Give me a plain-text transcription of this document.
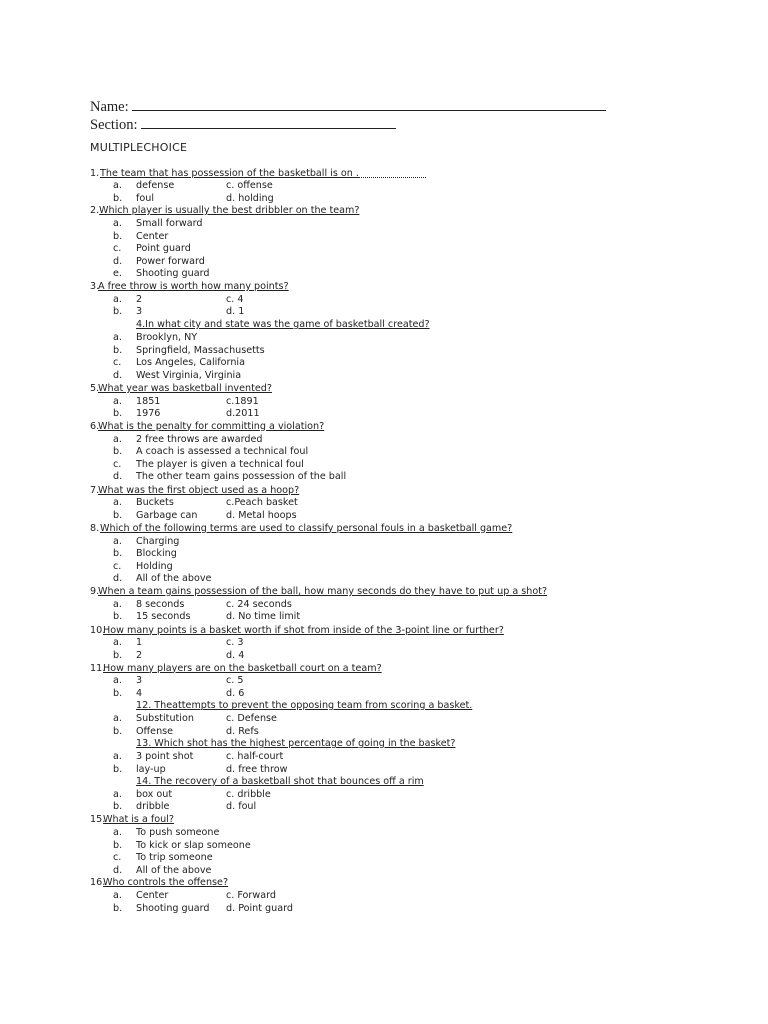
Name:
Section:
MULTIPLECHOICE
1. The team that has possession of the basketball is on .
a. defense	c. offense
b. foul	d. holding
2. Which player is usually the best dribbler on the team?
a. Small forward
b. Center
c. Point guard
d. Power forward
e. Shooting guard
3.
A free throw is worth how many points?
a. 2	c. 4
b. 3	d. 1
4.In what city and state was the game of basketball created?
a. Brooklyn, NY
b. Springfield, Massachusetts
c. Los Angeles, California
d. West Virginia, Virginia
5.
What year was basketball invented?
a. 1851	c.1891
b. 1976	d.2011
6.
What is the penalty for committing a violation?
a. 2 free throws are awarded
b. A coach is assessed a technical foul
c. The player is given a technical foul
d. The other team gains possession of the ball
7.
What was the first object used as a hoop?
a. Buckets	c.Peach basket
b. Garbage can	d. Metal hoops
8. Which of the following terms are used to classify personal fouls in a basketball game?
a. Charging
b. Blocking
c. Holding
d. All of the above
9.
When a team gains possession of the ball, how many seconds do they have to put up a shot?
a. 8 seconds	c. 24 seconds
b. 15 seconds	d. No time limit
10.
How many points is a basket worth if shot from inside of the 3-point line or further?
a. 1	c. 3
b. 2	d. 4
11.
How many players are on the basketball court on a team?
a. 3	c. 5
b. 4	d. 6
12. The
attempts to prevent the opposing team from scoring a basket.
a. Substitution	c. Defense
b. Offense	d. Refs
13. Which shot has the highest percentage of going in the basket?
a. 3 point shot	c. half-court
b. lay-up	d. free throw
14. The recovery of a basketball shot that bounces off a rim
a. box out	c. dribble
b. dribble	d. foul
15.
What is a foul?
a. To push someone
b. To kick or slap someone
c. To trip someone
d. All of the above
16.
Who controls the offense?
a. Center	c. Forward
b. Shooting guard d. Point guard
